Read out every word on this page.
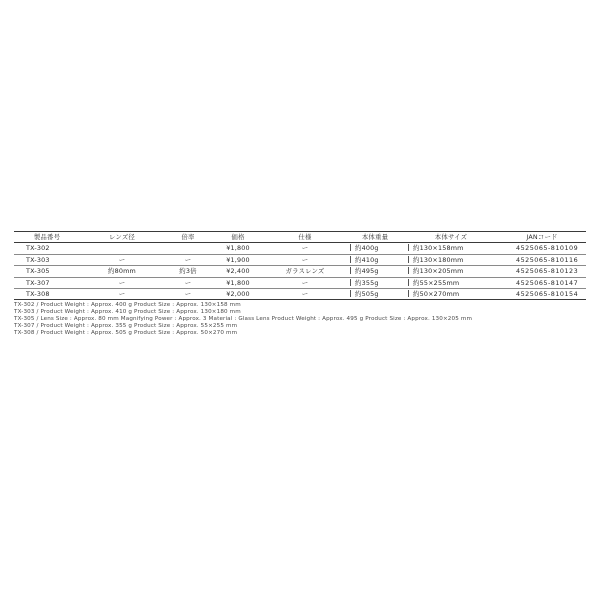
製品番号	レンズ径	倍率	価格	仕様	本体重量	本体サイズ	JANコード
TX-302			¥1,800	ー	約400g	約130×158mm	4525065-810109
TX-303	ー	ー	¥1,900	ー	約410g	約130×180mm	4525065-810116
TX-305	約80mm	約3倍	¥2,400	ガラスレンズ	約495g	約130×205mm	4525065-810123
TX-307	ー	ー	¥1,800	ー	約355g	約55×255mm	4525065-810147
TX-308	ー	ー	¥2,000	ー	約505g	約50×270mm	4525065-810154
TX-302 / Product Weight : Approx. 400 g Product Size : Approx. 130×158 mm
TX-303 / Product Weight : Approx. 410 g Product Size : Approx. 130×180 mm
TX-305 / Lens Size : Approx. 80 mm Magnifying Power : Approx. 3 Material : Glass Lens Product Weight : Approx. 495 g Product Size : Approx. 130×205 mm
TX-307 / Product Weight : Approx. 355 g Product Size : Approx. 55×255 mm
TX-308 / Product Weight : Approx. 505 g Product Size : Approx. 50×270 mm
